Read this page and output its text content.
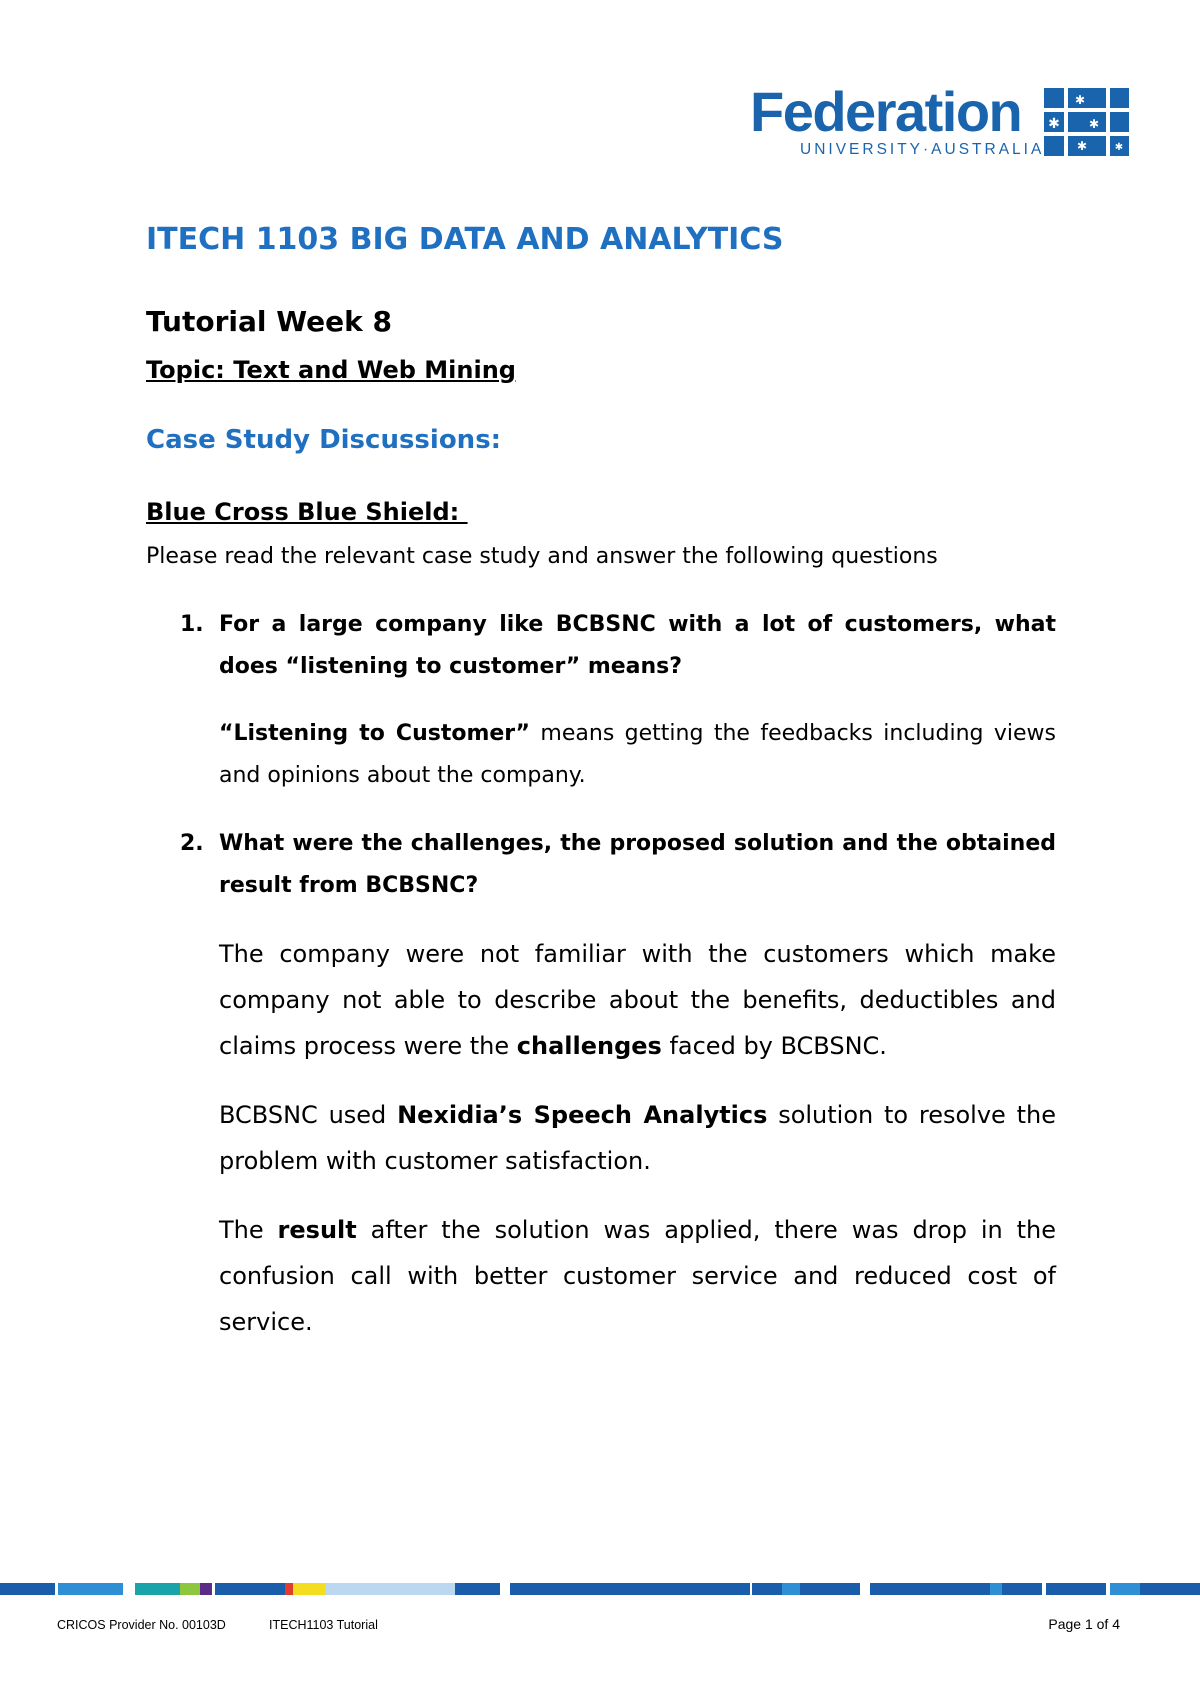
Federation
UNIVERSITY·AUSTRALIA
✱
✱
✱
✱	✱
ITECH 1103 BIG DATA AND ANALYTICS
Tutorial Week 8

Topic: Text and Web Mining

Case Study Discussions:

Blue Cross Blue Shield:

Please read the relevant case study and answer the following questions

1. For a large company like BCBSNC with a lot of customers, what does “listening to customer” means?

“Listening to Customer” means getting the feedbacks including views and opinions about the company.

2. What were the challenges, the proposed solution and the obtained result from BCBSNC?

The company were not familiar with the customers which make company not able to describe about the benefits, deductibles and claims process were the challenges faced by BCBSNC.

BCBSNC used Nexidia’s Speech Analytics solution to resolve the problem with customer satisfaction.

The result after the solution was applied, there was drop in the confusion call with better customer service and reduced cost of service.

CRICOS Provider No. 00103D	ITECH1103 Tutorial	Page 1 of 4
